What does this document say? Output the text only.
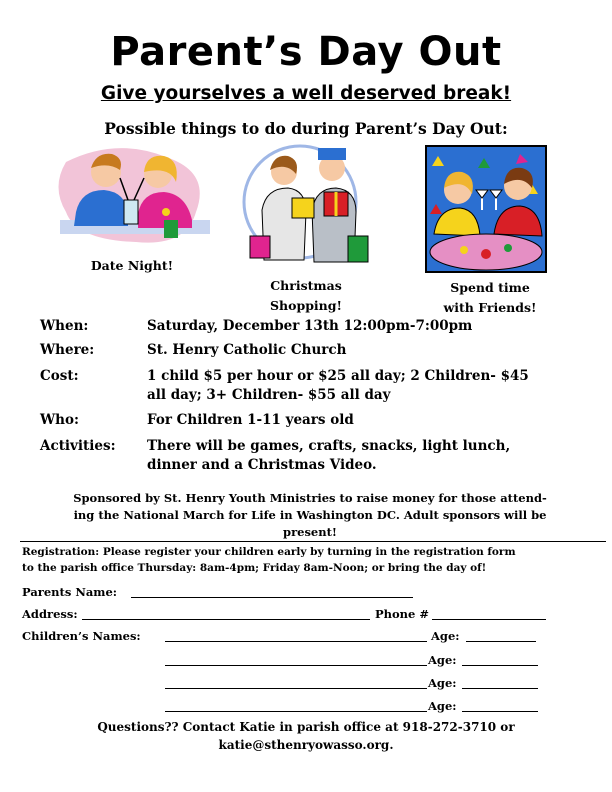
Parent’s Day Out
Give yourselves a well deserved break!
Possible things to do during Parent’s Day Out:
Date Night!
Christmas
Shopping!
Spend time
with Friends!
When:	Saturday, December 13th 12:00pm-7:00pm
Where:	St. Henry Catholic Church
Cost:	1 child $5 per hour or $25 all day; 2 Children- $45
all day; 3+ Children- $55 all day
Who:	For Children 1-11 years old
Activities:	There will be games, crafts, snacks, light lunch,
dinner and a Christmas Video.
Sponsored by St. Henry Youth Ministries to raise money for those attend-
ing the National March for Life in Washington DC. Adult sponsors will be
present!
Registration: Please register your children early by turning in the registration form
to the parish office Thursday: 8am-4pm; Friday 8am-Noon; or bring the day of!
Parents Name:
Address:	Phone #
Children’s Names:	Age:
Age:
Age:
Age:
Questions?? Contact Katie in parish office at 918-272-3710 or
katie@sthenryowasso.org.
